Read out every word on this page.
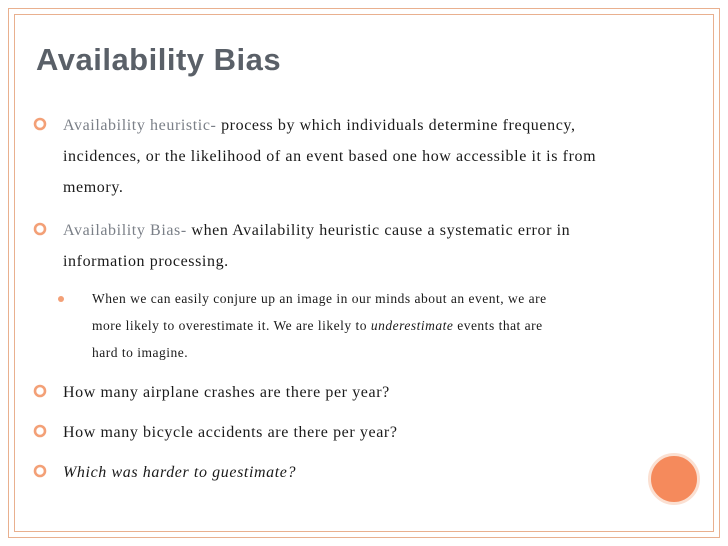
Availability Bias
Availability heuristic- process by which individuals determine frequency,
incidences, or the likelihood of an event based one how accessible it is from
memory.
Availability Bias- when Availability heuristic cause a systematic error in
information processing.
When we can easily conjure up an image in our minds about an event, we are
more likely to overestimate it. We are likely to underestimate events that are
hard to imagine.
How many airplane crashes are there per year?
How many bicycle accidents are there per year?
Which was harder to guestimate?
